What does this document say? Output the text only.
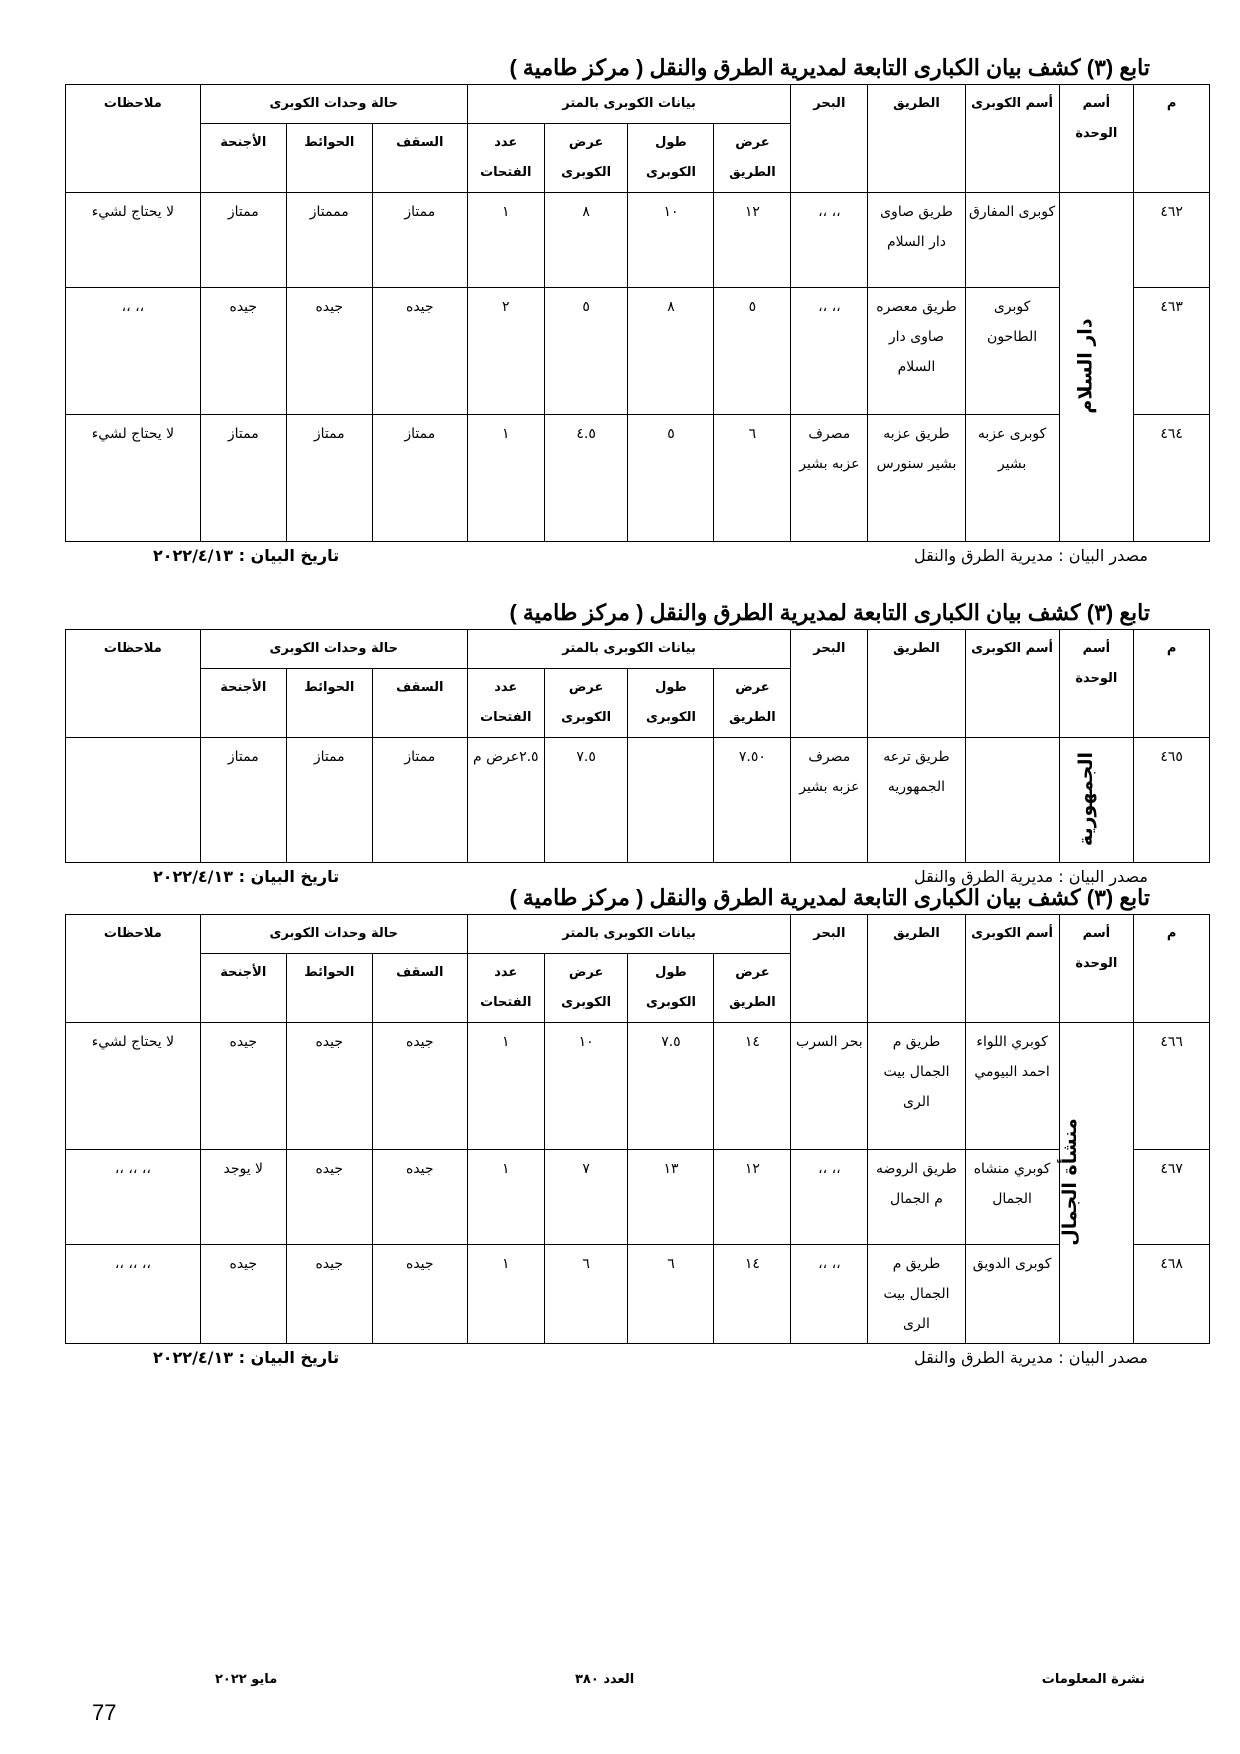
تابع (٣) كشف بيان الكبارى التابعة لمديرية الطرق والنقل ( مركز طامية )
م	أسم الوحدة	أسم الكوبرى	الطريق	البحر	بيانات الكوبرى بالمتر				حالة وحدات الكوبرى			ملاحظات
					عرض الطريق	طول الكوبرى	عرض الكوبرى	عدد الفتحات	السقف	الحوائط	الأجنحة	
٤٦٢	دار السلام	كوبرى المفارق	طريق صاوى دار السلام	،، ،،	١٢	١٠	٨	١	ممتاز	مممتاز	ممتاز	لا يحتاج لشيء
٤٦٣		كوبرى الطاحون	طريق معصره صاوى دار السلام	،، ،،	٥	٨	٥	٢	جيده	جيده	جيده	،، ،،
٤٦٤		كوبرى عزبه بشير	طريق عزبه بشير سنورس	مصرف عزبه بشير	٦	٥	٤.٥	١	ممتاز	ممتاز	ممتاز	لا يحتاج لشيء
مصدر البيان : مديرية الطرق والنقل
تاريخ البيان : ٢٠٢٢/٤/١٣
تابع (٣) كشف بيان الكبارى التابعة لمديرية الطرق والنقل ( مركز طامية )
م	أسم الوحدة	أسم الكوبرى	الطريق	البحر	بيانات الكوبرى بالمتر				حالة وحدات الكوبرى			ملاحظات
					عرض الطريق	طول الكوبرى	عرض الكوبرى	عدد الفتحات	السقف	الحوائط	الأجنحة	
٤٦٥	الجمهورية		طريق ترعه الجمهوريه	مصرف عزبه بشير	٧.٥٠		٧.٥	٢.٥عرض م	ممتاز	ممتاز	ممتاز	
مصدر البيان : مديرية الطرق والنقل
تاريخ البيان : ٢٠٢٢/٤/١٣
تابع (٣) كشف بيان الكبارى التابعة لمديرية الطرق والنقل ( مركز طامية )
م	أسم الوحدة	أسم الكوبرى	الطريق	البحر	بيانات الكوبرى بالمتر				حالة وحدات الكوبرى			ملاحظات
					عرض الطريق	طول الكوبرى	عرض الكوبرى	عدد الفتحات	السقف	الحوائط	الأجنحة	
٤٦٦	منشأة الجمال	كوبري اللواء احمد البيومي	طريق م الجمال بيت الرى	بحر السرب	١٤	٧.٥	١٠	١	جيده	جيده	جيده	لا يحتاج لشيء
٤٦٧		كوبري منشاه الجمال	طريق الروضه م الجمال	،، ،،	١٢	١٣	٧	١	جيده	جيده	لا يوجد	،، ،، ،،
٤٦٨		كوبرى الدويق	طريق م الجمال بيت الرى	،، ،،	١٤	٦	٦	١	جيده	جيده	جيده	،، ،، ،،
مصدر البيان : مديرية الطرق والنقل
تاريخ البيان : ٢٠٢٢/٤/١٣
نشرة المعلومات
العدد ٣٨٠
مايو ٢٠٢٢
77
